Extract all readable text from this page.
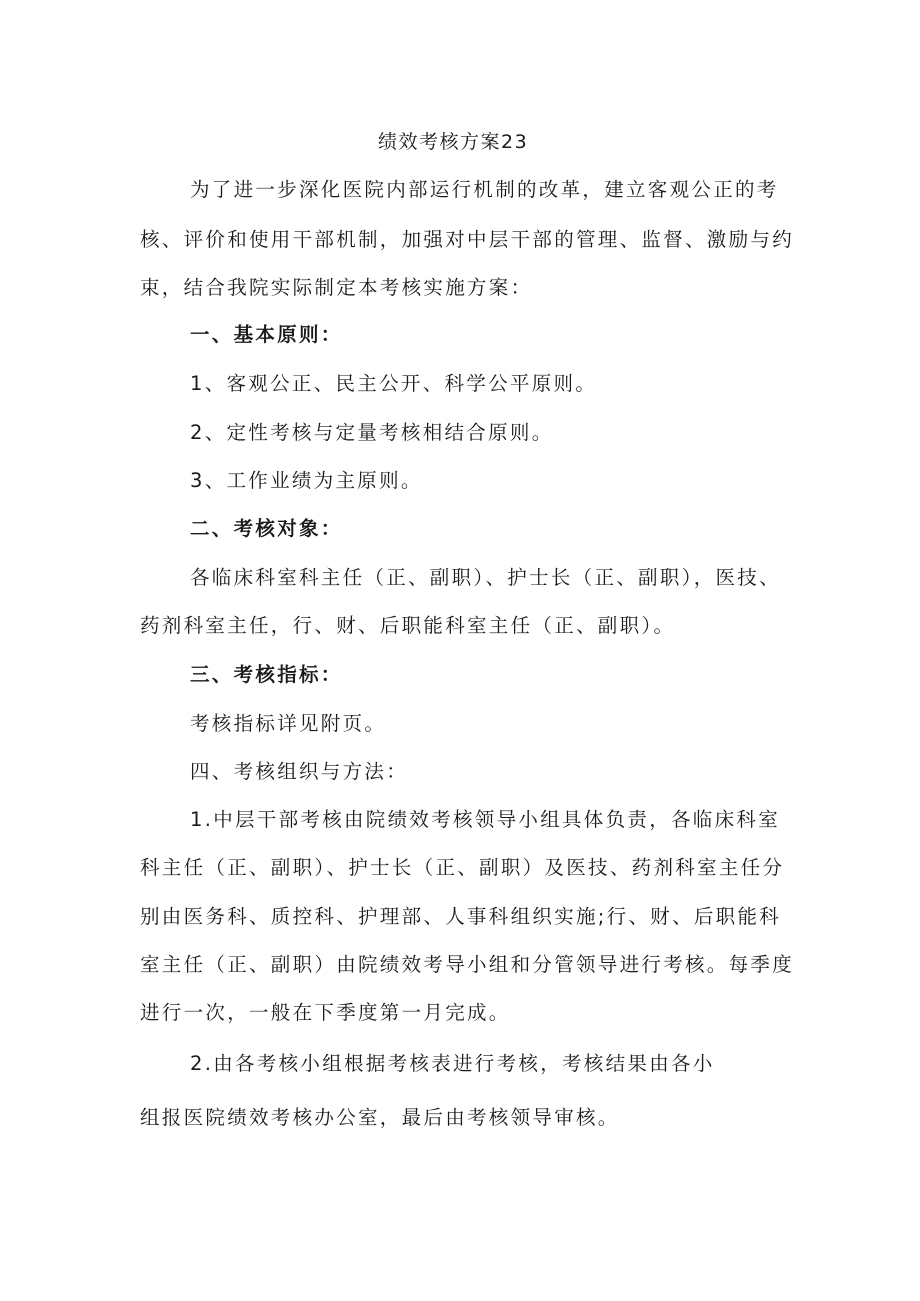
绩效考核方案23
为了进一步深化医院内部运行机制的改革，建立客观公正的考
核、评价和使用干部机制，加强对中层干部的管理、监督、激励与约
束，结合我院实际制定本考核实施方案：
一、基本原则：
1、客观公正、民主公开、科学公平原则。
2、定性考核与定量考核相结合原则。
3、工作业绩为主原则。
二、考核对象：
各临床科室科主任（正、副职）、护士长（正、副职），医技、
药剂科室主任，行、财、后职能科室主任（正、副职）。
三、考核指标：
考核指标详见附页。
四、考核组织与方法：
1.中层干部考核由院绩效考核领导小组具体负责，各临床科室
科主任（正、副职）、护士长（正、副职）及医技、药剂科室主任分
别由医务科、质控科、护理部、人事科组织实施;行、财、后职能科
室主任（正、副职）由院绩效考导小组和分管领导进行考核。每季度
进行一次，一般在下季度第一月完成。
2.由各考核小组根据考核表进行考核，考核结果由各小
组报医院绩效考核办公室，最后由考核领导审核。
